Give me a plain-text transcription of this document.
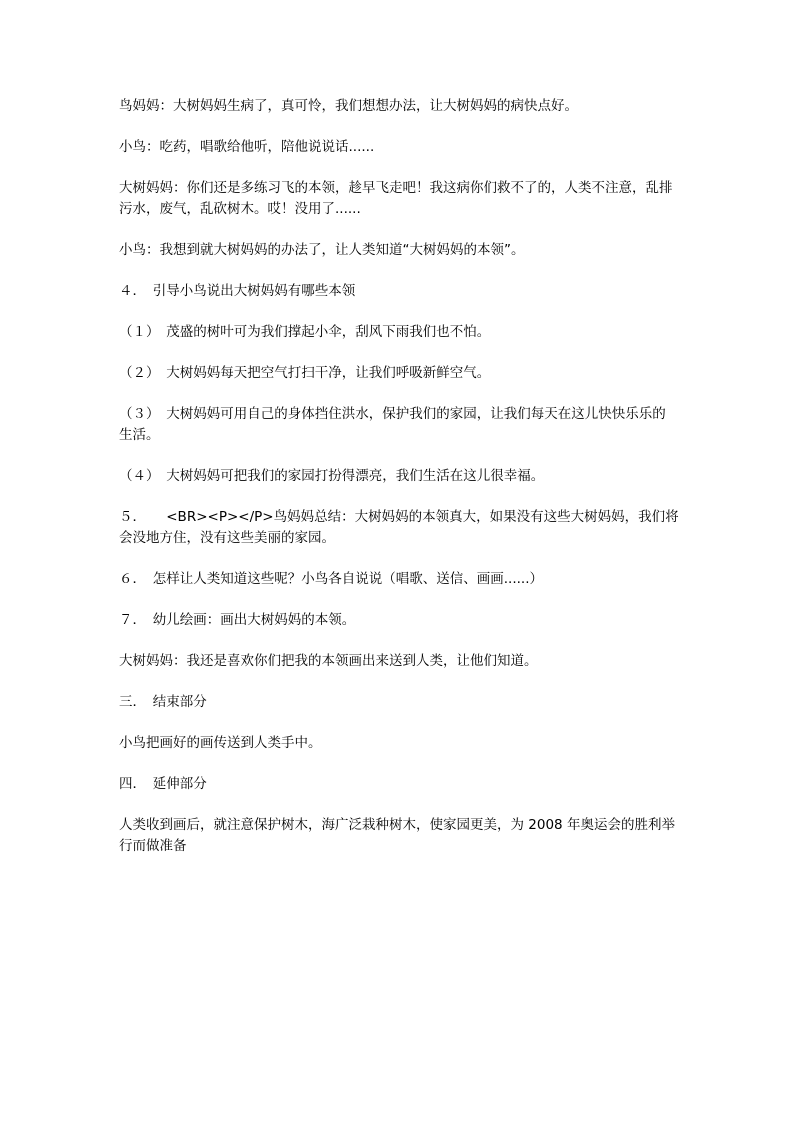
鸟妈妈：大树妈妈生病了，真可怜，我们想想办法，让大树妈妈的病快点好。

小鸟：吃药，唱歌给他听，陪他说说话......

大树妈妈：你们还是多练习飞的本领，趁早飞走吧！我这病你们救不了的，人类不注意，乱排污水，废气，乱砍树木。哎！没用了......

小鸟：我想到就大树妈妈的办法了，让人类知道“大树妈妈的本领”。

４．　引导小鸟说出大树妈妈有哪些本领

（１）　茂盛的树叶可为我们撑起小伞，刮风下雨我们也不怕。

（２）　大树妈妈每天把空气打扫干净，让我们呼吸新鲜空气。

（３）　大树妈妈可用自己的身体挡住洪水，保护我们的家园，让我们每天在这儿快快乐乐的生活。

（４）　大树妈妈可把我们的家园打扮得漂亮，我们生活在这儿很幸福。

５．　　<BR><P></P>鸟妈妈总结：大树妈妈的本领真大，如果没有这些大树妈妈，我们将会没地方住，没有这些美丽的家园。

６．　怎样让人类知道这些呢？小鸟各自说说（唱歌、送信、画画......）

７．　幼儿绘画：画出大树妈妈的本领。

大树妈妈：我还是喜欢你们把我的本领画出来送到人类，让他们知道。

三．　结束部分

小鸟把画好的画传送到人类手中。

四．　延伸部分

人类收到画后，就注意保护树木，海广泛栽种树木，使家园更美，为 2008 年奥运会的胜利举行而做准备
